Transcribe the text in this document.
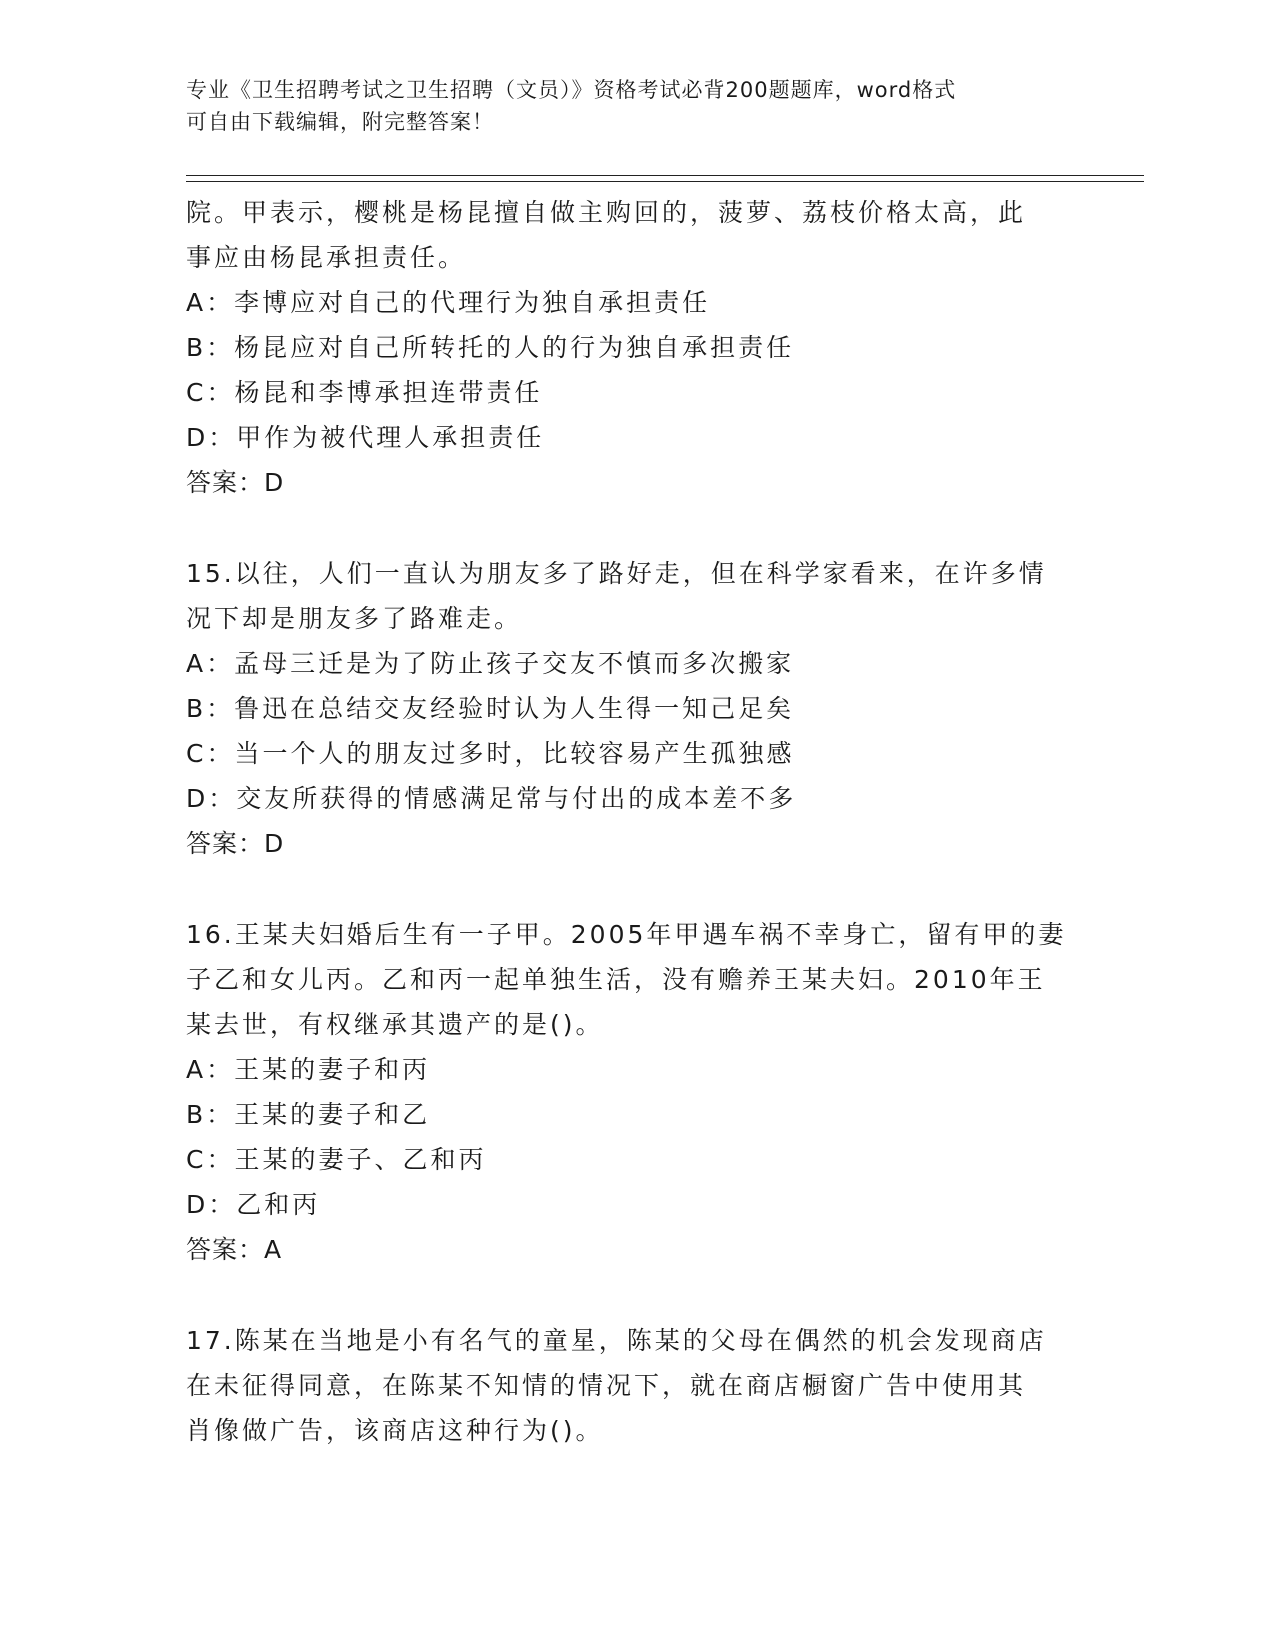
专业《卫生招聘考试之卫生招聘（文员）》资格考试必背200题题库，word格式
可自由下载编辑，附完整答案！
院。甲表示，樱桃是杨昆擅自做主购回的，菠萝、荔枝价格太高，此
事应由杨昆承担责任。
A：李博应对自己的代理行为独自承担责任
B：杨昆应对自己所转托的人的行为独自承担责任
C：杨昆和李博承担连带责任
D：甲作为被代理人承担责任
答案：D
15.以往，人们一直认为朋友多了路好走，但在科学家看来，在许多情
况下却是朋友多了路难走。
A：孟母三迁是为了防止孩子交友不慎而多次搬家
B：鲁迅在总结交友经验时认为人生得一知己足矣
C：当一个人的朋友过多时，比较容易产生孤独感
D：交友所获得的情感满足常与付出的成本差不多
答案：D
16.王某夫妇婚后生有一子甲。2005年甲遇车祸不幸身亡，留有甲的妻
子乙和女儿丙。乙和丙一起单独生活，没有赡养王某夫妇。2010年王
某去世，有权继承其遗产的是()。
A：王某的妻子和丙
B：王某的妻子和乙
C：王某的妻子、乙和丙
D：乙和丙
答案：A
17.陈某在当地是小有名气的童星，陈某的父母在偶然的机会发现商店
在未征得同意，在陈某不知情的情况下，就在商店橱窗广告中使用其
肖像做广告，该商店这种行为()。
